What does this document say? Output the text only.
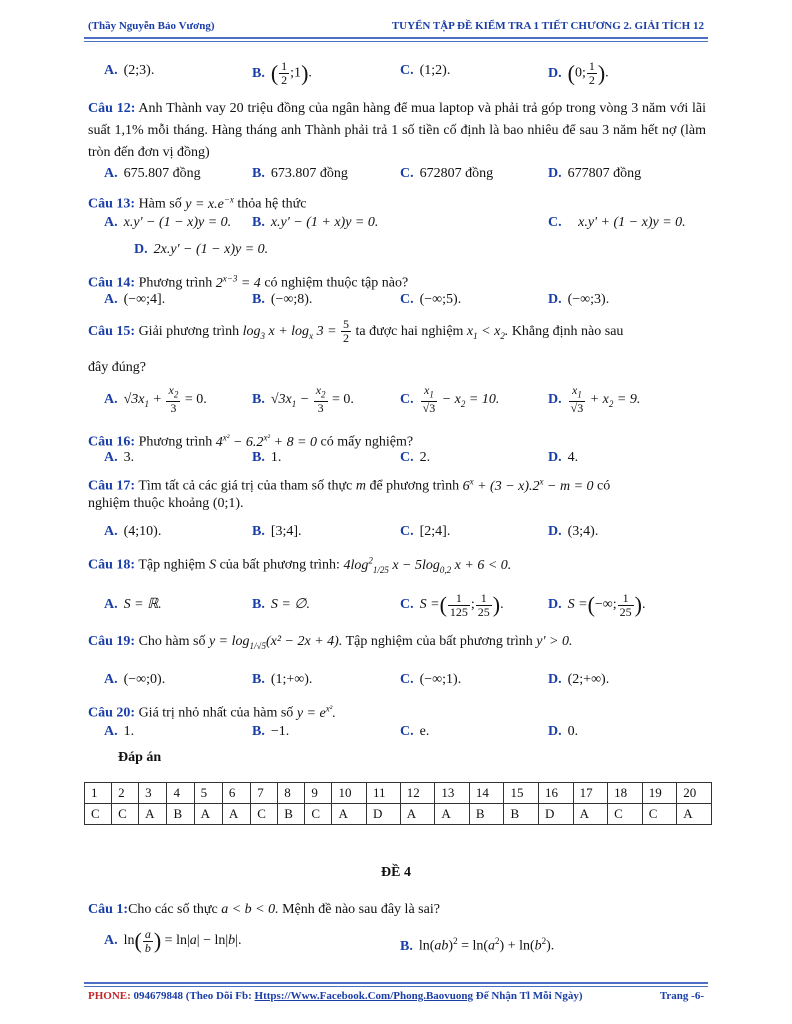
(Thầy Nguyễn Bảo Vương)	TUYỂN TẬP ĐỀ KIỂM TRA 1 TIẾT CHƯƠNG 2. GIẢI TÍCH 12
A. (2;3).	B. ( $\frac{1}{2}$ ;1).	C. (1;2).	D. (0; $\frac{1}{2}$ ).
Câu 12: Anh Thành vay 20 triệu đồng của ngân hàng để mua laptop và phải trả góp trong vòng 3 năm với lãi suất 1,1% mỗi tháng. Hàng tháng anh Thành phải trả 1 số tiền cố định là bao nhiêu để sau 3 năm hết nợ (làm tròn đến đơn vị đồng)
A. 675.807 đồng	B. 673.807 đồng	C. 672807 đồng	D. 677807 đồng
Câu 13: Hàm số $y = x.e^{-x}$ thỏa hệ thức
A. x.y' − (1 − x)y = 0. B. x.y' − (1 + x)y = 0.	C.   x.y' + (1 − x)y = 0.
D. 2x.y' − (1 − x)y = 0.
Câu 14: Phương trình $2^{x-3} = 4$ có nghiệm thuộc tập nào?
A. (−∞;4].	B. (−∞;8).	C. (−∞;5).	D. (−∞;3).
Câu 15: Giải phương trình $\log_3 x + \log_x 3 = \frac{5}{2}$ ta được hai nghiệm $x_1 < x_2$. Khẳng định nào sau
đây đúng?
A. $√3x_1 + \frac{x_2}{3} = 0$.	B. $√3x_1 - \frac{x_2}{3} = 0$.	C. $\frac{x_1}{√3} - x_2 = 10$.	D. $\frac{x_1}{√3} + x_2 = 9$.
Câu 16: Phương trình $4^{x^2} - 6.2^{x^2} + 8 = 0$ có mấy nghiệm?
A. 3.	B. 1.	C. 2.	D. 4.
Câu 17: Tìm tất cả các giá trị của tham số thực m để phương trình $6^x + (3 - x).2^x - m = 0$ có
nghiệm thuộc khoảng (0;1).
A. (4;10).	B. [3;4].	C. [2;4].	D. (3;4).
Câu 18: Tập nghiệm S của bất phương trình: $4\log^2_{1/25}$ $x - 5\log_{0,2}$ x + 6 < 0.
A. S = ℝ.	B. S = ∅.	C. S =( $\frac{1}{125}$ ; $\frac{1}{25}$ ).	D. S =(−∞; $\frac{1}{25}$ ).
Câu 19: Cho hàm số $y = \log_{1/√5}(x^2 - 2x + 4)$. Tập nghiệm của bất phương trình y' > 0.
A. (−∞;0).	B. (1;+∞).	C. (−∞;1).	D. (2;+∞).
Câu 20: Giá trị nhỏ nhất của hàm số $y = e^{x^2}$.
A. 1.	B. −1.	C. e.	D. 0.
Đáp án
1	2	3	4	5	6	7	8	9	10	11	12	13	14	15	16	17	18	19	20
C	C	A	B	A	A	C	B	C	A	D	A	A	B	B	D	A	C	C	A
ĐỀ 4
Câu 1:Cho các số thực a < b < 0. Mệnh đề nào sau đây là sai?
A. $\ln( \frac{a}{b}$ ) = ln|a| − ln|b|.	B. $\ln(ab)^2 = \ln(a^2) + \ln(b^2)$.
PHONE: 094679848 (Theo Dõi Fb: Https://Www.Facebook.Com/Phong.Baovuong Để Nhận Tl Mỗi Ngày)	Trang -6-
